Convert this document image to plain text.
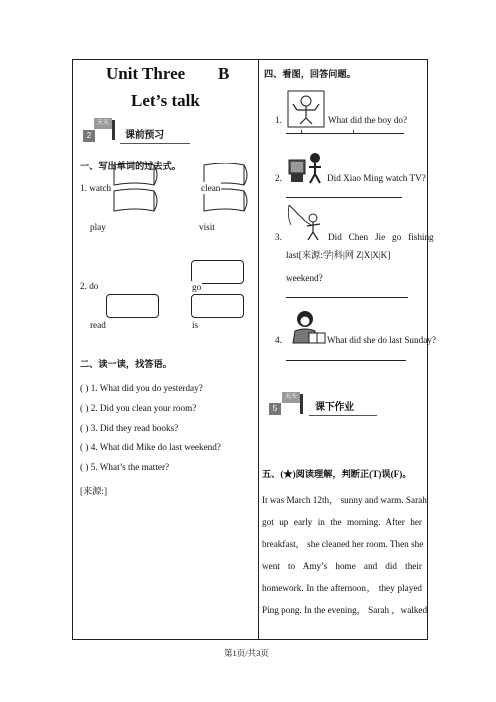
Unit Three B
Let’s talk
天天
2	课前预习
一、写出单词的过去式。
1. watch	clean
play	visit
2. do	go
read	is
二、读一读，找答语。
( ) 1. What did you do yesterday?
( ) 2. Did you clean your room?
( ) 3. Did they read books?
( ) 4. What did Mike do last weekend?
( ) 5. What’s the matter?
[来源:]
四、看图，回答问题。
1.	What did the boy do?
2.	Did Xiao Ming watch TV?
3.	Did   Chen   Jie   go   fishing
last[来源:学|科|网 Z|X|X|K]
weekend?
4.	What did she do last Sunday?
天天
5	课下作业
五、(★)阅读理解，判断正(T)误(F)。
It was March 12th， sunny and warm. Sarah
got up early in the morning. After her
breakfast， she cleaned her room. Then she
went to Amy’s home and did their
homework. In the afternoon， they played
Ping pong. In the evening， Sarah ，walked
第1页/共3页
